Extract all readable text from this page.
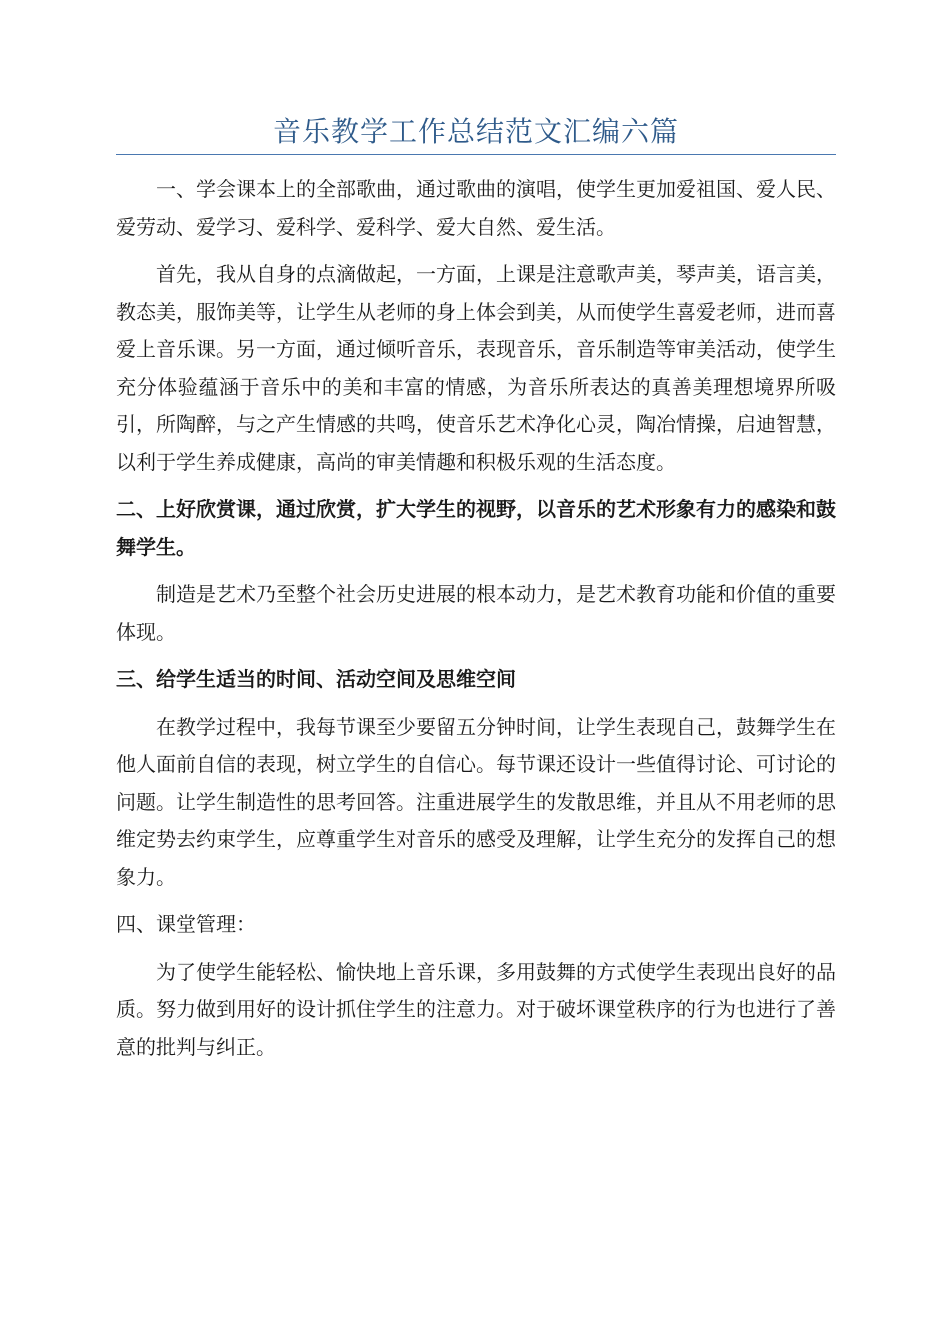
音乐教学工作总结范文汇编六篇

一、学会课本上的全部歌曲，通过歌曲的演唱，使学生更加爱祖国、爱人民、爱劳动、爱学习、爱科学、爱科学、爱大自然、爱生活。

首先，我从自身的点滴做起，一方面，上课是注意歌声美，琴声美，语言美，教态美，服饰美等，让学生从老师的身上体会到美，从而使学生喜爱老师，进而喜爱上音乐课。另一方面，通过倾听音乐，表现音乐，音乐制造等审美活动，使学生充分体验蕴涵于音乐中的美和丰富的情感，为音乐所表达的真善美理想境界所吸引，所陶醉，与之产生情感的共鸣，使音乐艺术净化心灵，陶冶情操，启迪智慧，以利于学生养成健康，高尚的审美情趣和积极乐观的生活态度。

二、上好欣赏课，通过欣赏，扩大学生的视野，以音乐的艺术形象有力的感染和鼓舞学生。

制造是艺术乃至整个社会历史进展的根本动力，是艺术教育功能和价值的重要体现。

三、给学生适当的时间、活动空间及思维空间

在教学过程中，我每节课至少要留五分钟时间，让学生表现自己，鼓舞学生在他人面前自信的表现，树立学生的自信心。每节课还设计一些值得讨论、可讨论的问题。让学生制造性的思考回答。注重进展学生的发散思维，并且从不用老师的思维定势去约束学生，应尊重学生对音乐的感受及理解，让学生充分的发挥自己的想象力。

四、课堂管理：

为了使学生能轻松、愉快地上音乐课，多用鼓舞的方式使学生表现出良好的品质。努力做到用好的设计抓住学生的注意力。对于破坏课堂秩序的行为也进行了善意的批判与纠正。
